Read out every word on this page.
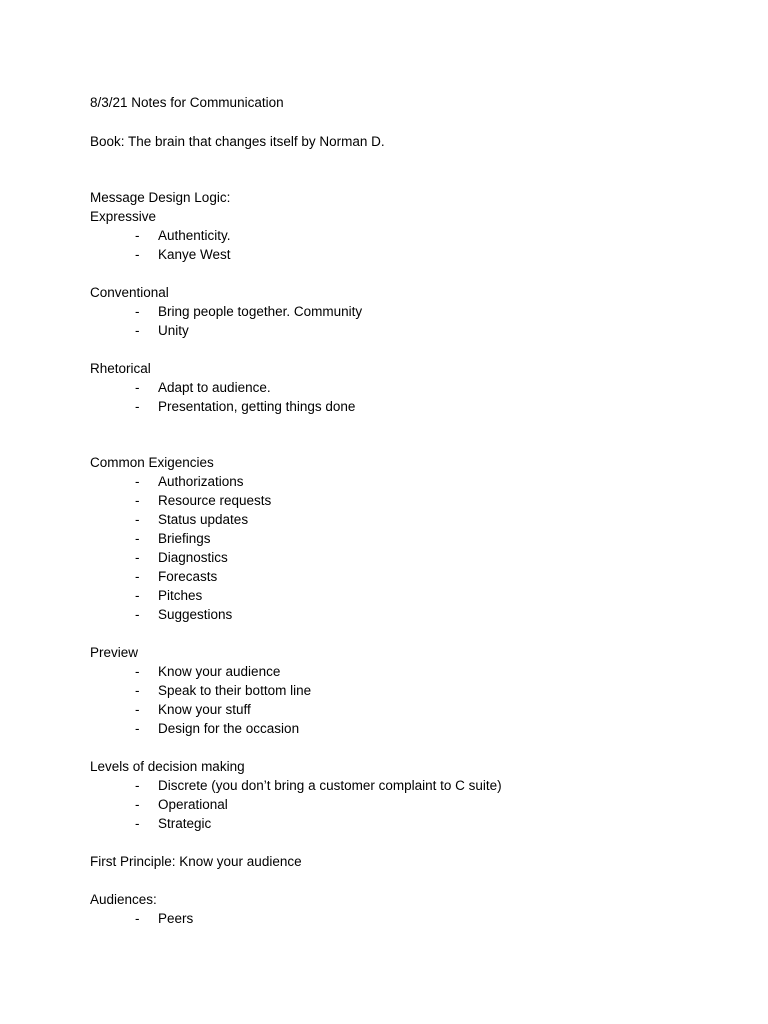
8/3/21 Notes for Communication
Book: The brain that changes itself by Norman D.
Message Design Logic:
Expressive
- Authenticity.
- Kanye West
Conventional
- Bring people together. Community
- Unity
Rhetorical
- Adapt to audience.
- Presentation, getting things done
Common Exigencies
- Authorizations
- Resource requests
- Status updates
- Briefings
- Diagnostics
- Forecasts
- Pitches
- Suggestions
Preview
- Know your audience
- Speak to their bottom line
- Know your stuff
- Design for the occasion
Levels of decision making
- Discrete (you don’t bring a customer complaint to C suite)
- Operational
- Strategic
First Principle: Know your audience
Audiences:
- Peers
